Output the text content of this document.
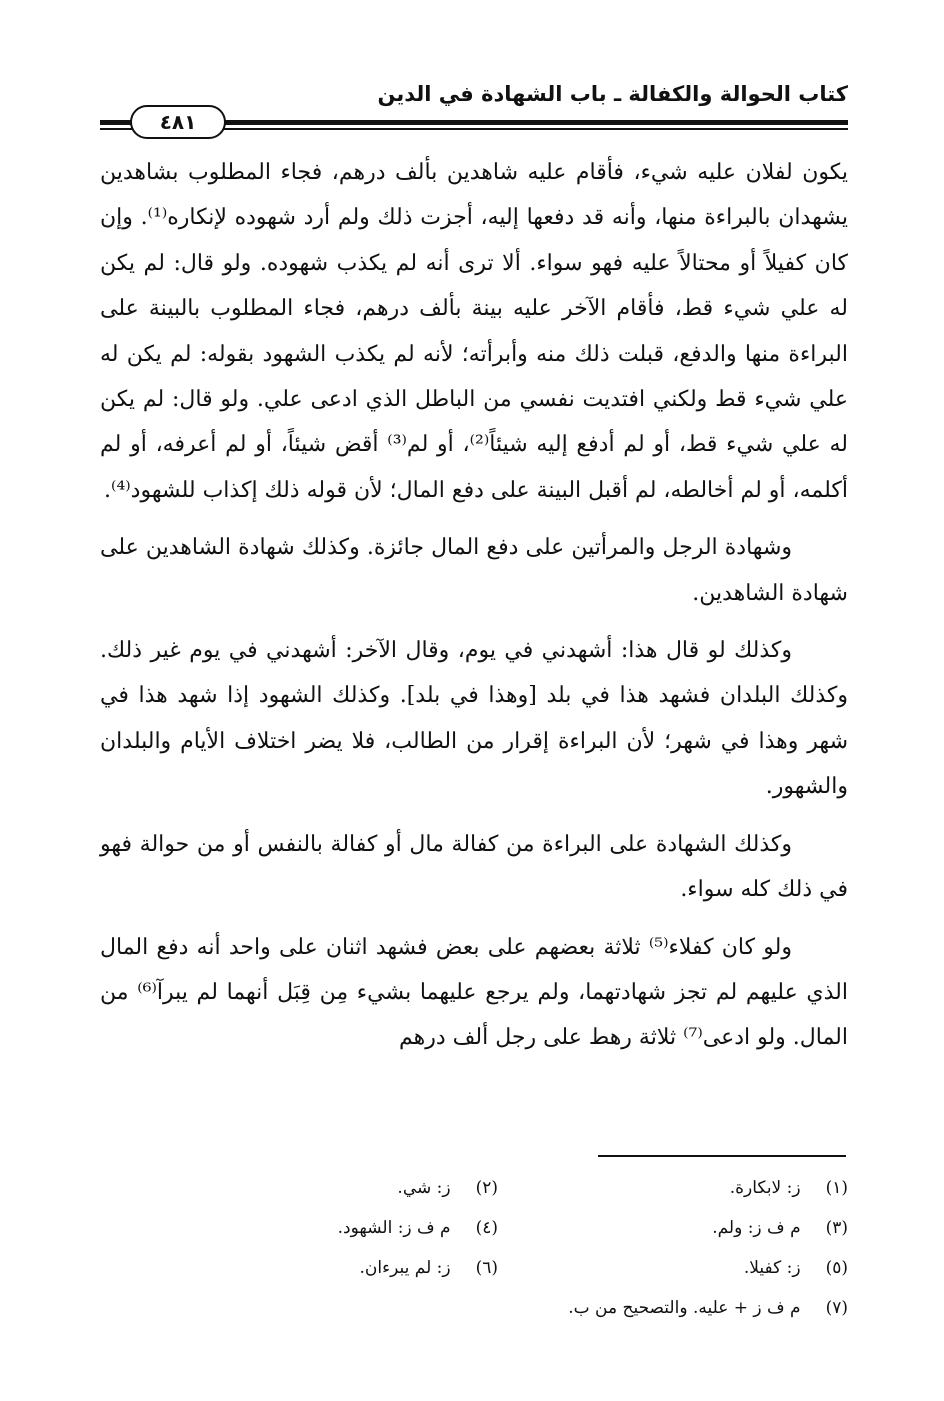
كتاب الحوالة والكفالة ـ باب الشهادة في الدين
٤٨١

يكون لفلان عليه شيء، فأقام عليه شاهدين بألف درهم، فجاء المطلوب بشاهدين يشهدان بالبراءة منها، وأنه قد دفعها إليه، أجزت ذلك ولم أرد شهوده لإنكاره⁽¹⁾. وإن كان كفيلاً أو محتالاً عليه فهو سواء. ألا ترى أنه لم يكذب شهوده. ولو قال: لم يكن له علي شيء قط، فأقام الآخر عليه بينة بألف درهم، فجاء المطلوب بالبينة على البراءة منها والدفع، قبلت ذلك منه وأبرأته؛ لأنه لم يكذب الشهود بقوله: لم يكن له علي شيء قط ولكني افتديت نفسي من الباطل الذي ادعى علي. ولو قال: لم يكن له علي شيء قط، أو لم أدفع إليه شيئاً⁽²⁾، أو لم⁽³⁾ أقض شيئاً، أو لم أعرفه، أو لم أكلمه، أو لم أخالطه، لم أقبل البينة على دفع المال؛ لأن قوله ذلك إكذاب للشهود⁽⁴⁾.

وشهادة الرجل والمرأتين على دفع المال جائزة. وكذلك شهادة الشاهدين على شهادة الشاهدين.

وكذلك لو قال هذا: أشهدني في يوم، وقال الآخر: أشهدني في يوم غير ذلك. وكذلك البلدان فشهد هذا في بلد [وهذا في بلد]. وكذلك الشهود إذا شهد هذا في شهر وهذا في شهر؛ لأن البراءة إقرار من الطالب، فلا يضر اختلاف الأيام والبلدان والشهور.

وكذلك الشهادة على البراءة من كفالة مال أو كفالة بالنفس أو من حوالة فهو في ذلك كله سواء.

ولو كان كفلاء⁽⁵⁾ ثلاثة بعضهم على بعض فشهد اثنان على واحد أنه دفع المال الذي عليهم لم تجز شهادتهما، ولم يرجع عليهما بشيء مِن قِبَل أنهما لم يبرآ⁽⁶⁾ من المال. ولو ادعى⁽⁷⁾ ثلاثة رهط على رجل ألف درهم

(١) ز: لابكارة.
(٢) ز: شي.
(٣) م ف ز: ولم.
(٤) م ف ز: الشهود.
(٥) ز: كفيلا.
(٦) ز: لم يبرءان.
(٧) م ف ز + عليه. والتصحيح من ب.
